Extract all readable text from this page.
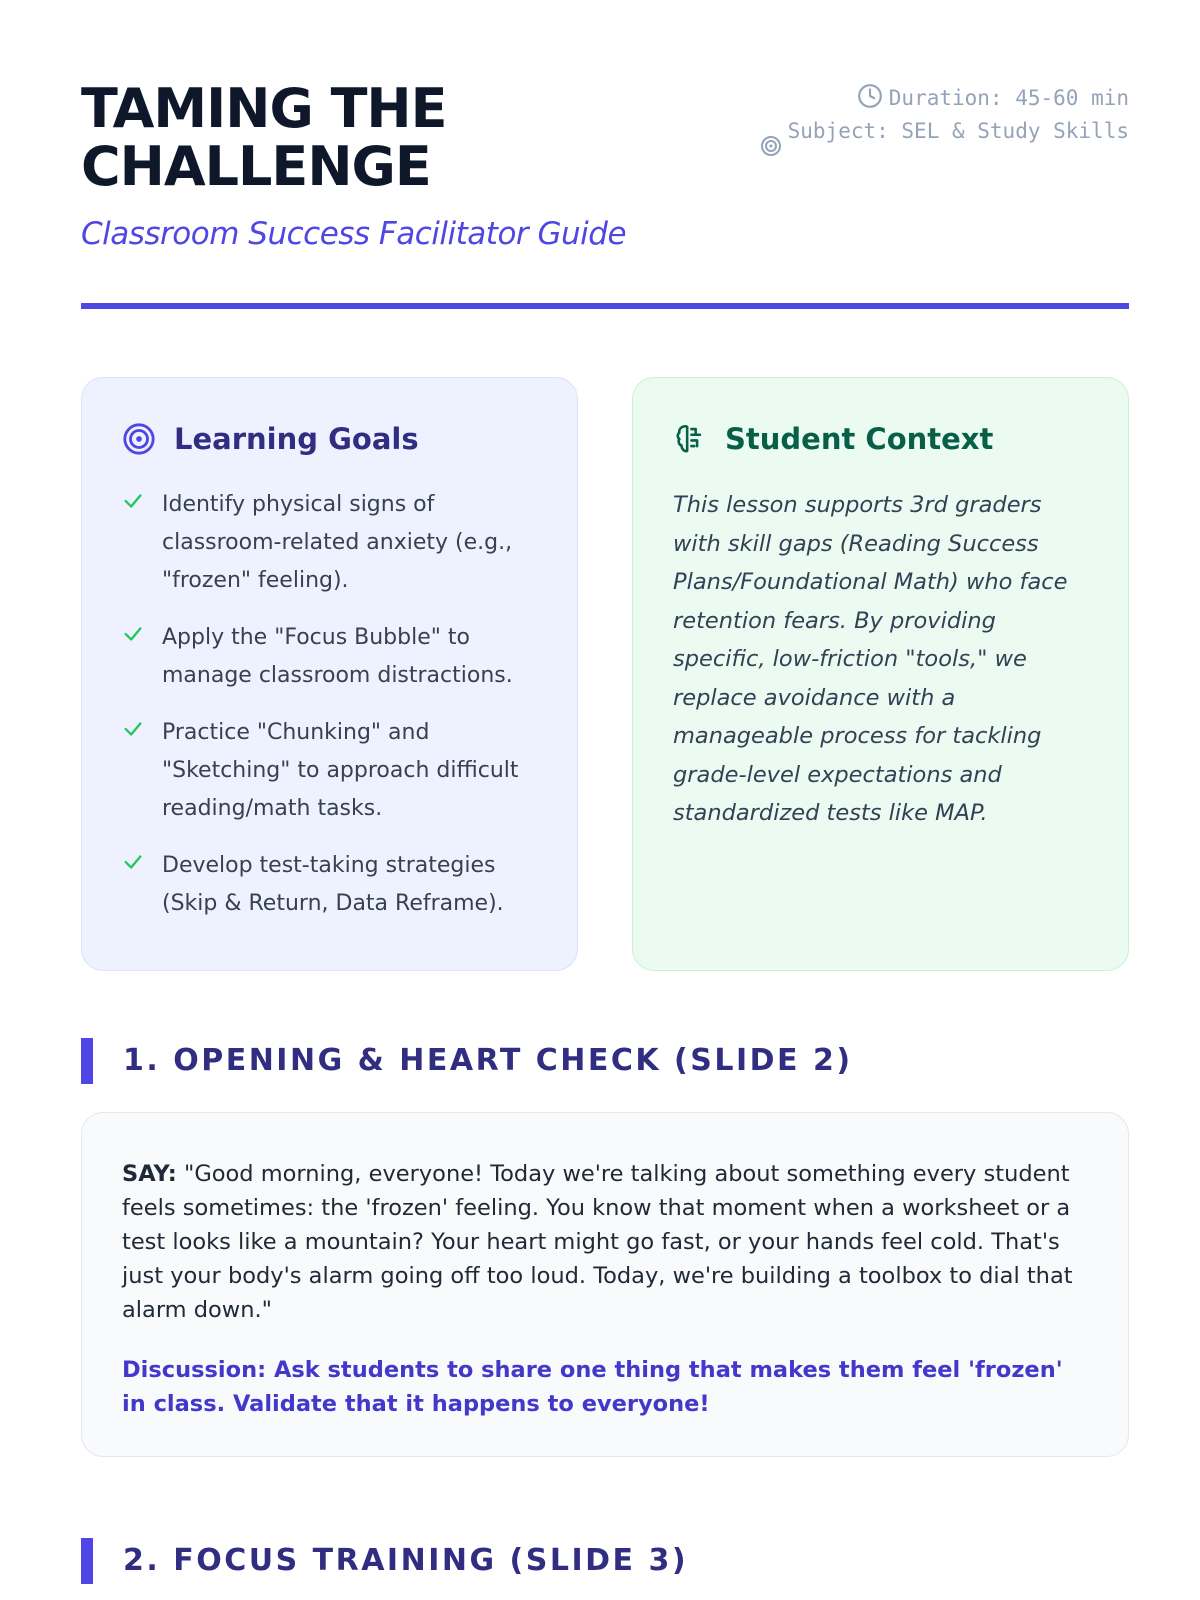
TAMING THE CHALLENGE
Classroom Success Facilitator Guide
Duration: 45-60 min
Subject: SEL & Study Skills
Learning Goals
Identify physical signs of classroom-related anxiety (e.g., "frozen" feeling).
Apply the "Focus Bubble" to manage classroom distractions.
Practice "Chunking" and "Sketching" to approach difficult reading/math tasks.
Develop test-taking strategies (Skip & Return, Data Reframe).
Student Context

This lesson supports 3rd graders with skill gaps (Reading Success Plans/Foundational Math) who face retention fears. By providing specific, low-friction "tools," we replace avoidance with a manageable process for tackling grade-level expectations and standardized tests like MAP.

1. OPENING & HEART CHECK (SLIDE 2)

SAY: "Good morning, everyone! Today we're talking about something every student feels sometimes: the 'frozen' feeling. You know that moment when a worksheet or a test looks like a mountain? Your heart might go fast, or your hands feel cold. That's just your body's alarm going off too loud. Today, we're building a toolbox to dial that alarm down."

Discussion: Ask students to share one thing that makes them feel 'frozen' in class. Validate that it happens to everyone!

2. FOCUS TRAINING (SLIDE 3)
